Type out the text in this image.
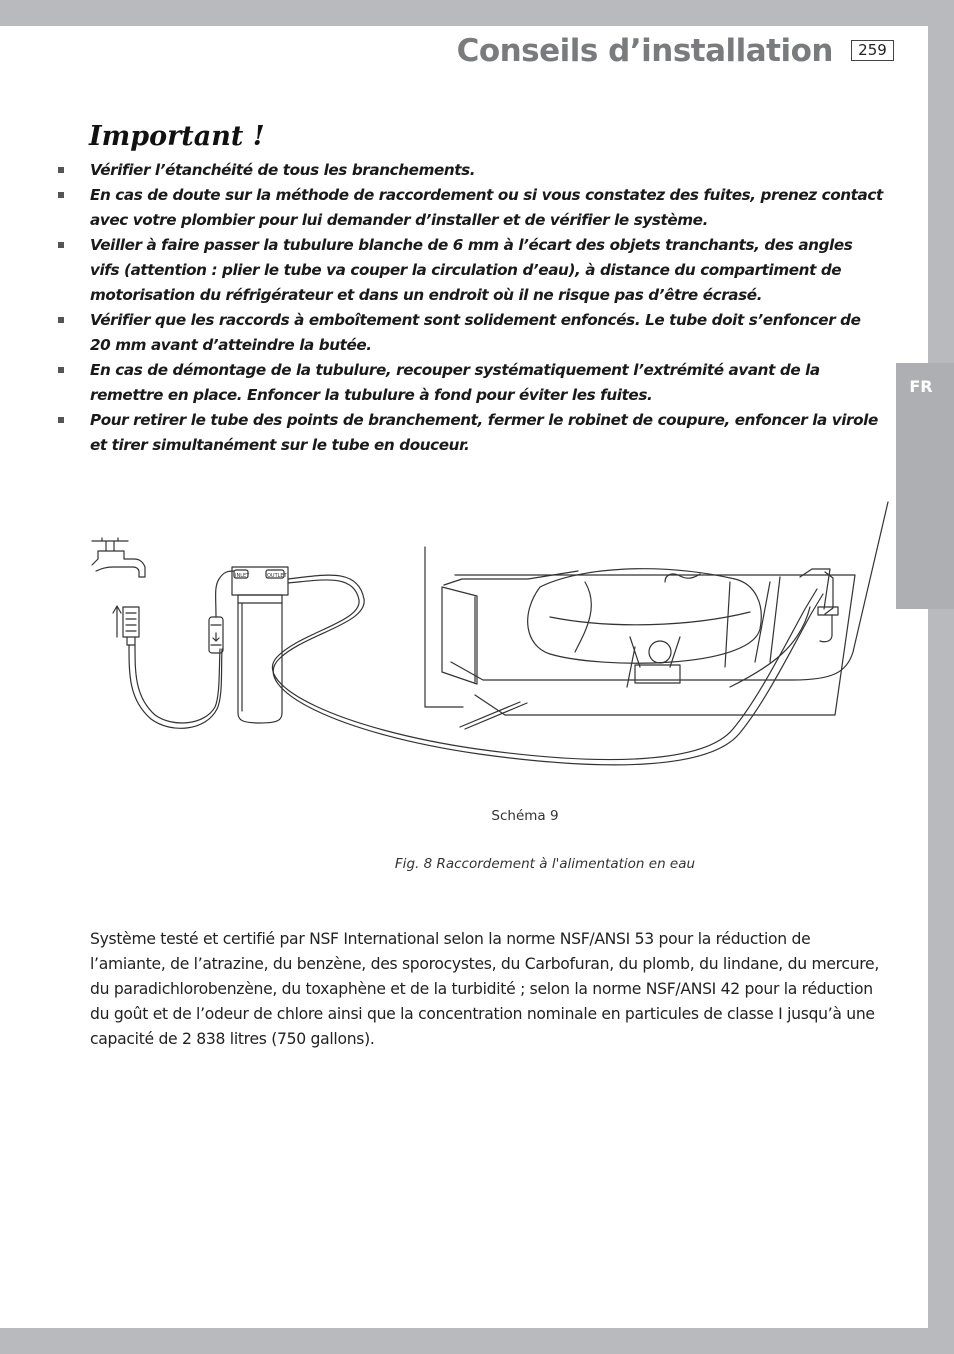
FR
Conseils d’installation	259
Important !
Vérifier l’étanchéité de tous les branchements.
En cas de doute sur la méthode de raccordement ou si vous constatez des fuites, prenez contact avec votre plombier pour lui demander d’installer et de vérifier le système.
Veiller à faire passer la tubulure blanche de 6 mm à l’écart des objets tranchants, des angles vifs (attention : plier le tube va couper la circulation d’eau), à distance du compartiment de motorisation du réfrigérateur et dans un endroit où il ne risque pas d’être écrasé.
Vérifier que les raccords à emboîtement sont solidement enfoncés. Le tube doit s’enfoncer de 20 mm avant d’atteindre la butée.
En cas de démontage de la tubulure, recouper systématiquement l’extrémité avant de la remettre en place. Enfoncer la tubulure à fond pour éviter les fuites.
Pour retirer le tube des points de branchement, fermer le robinet de coupure, enfoncer la virole et tirer simultanément sur le tube en douceur.
INLET	OUTLET
Schéma 9
Fig. 8 Raccordement à l'alimentation en eau

Système testé et certifié par NSF International selon la norme NSF/ANSI 53 pour la réduction de l’amiante, de l’atrazine, du benzène, des sporocystes, du Carbofuran, du plomb, du lindane, du mercure, du paradichlorobenzène, du toxaphène et de la turbidité ; selon la norme NSF/ANSI 42 pour la réduction du goût et de l’odeur de chlore ainsi que la concentration nominale en particules de classe I jusqu’à une capacité de 2 838 litres (750 gallons).
